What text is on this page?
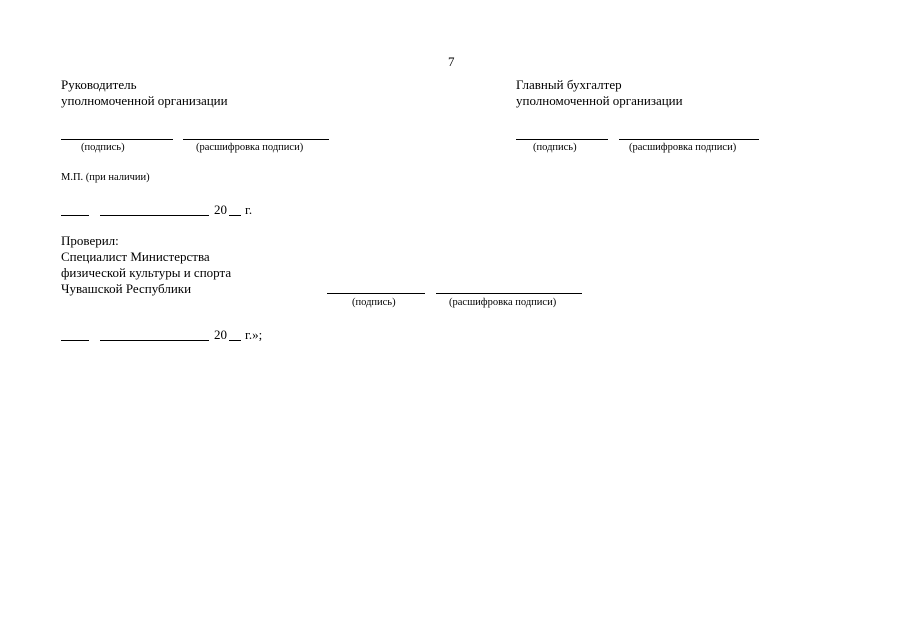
7
Руководитель
уполномоченной организации
Главный бухгалтер
уполномоченной организации
(подпись)	(расшифровка подписи)	(подпись)	(расшифровка подписи)
М.П. (при наличии)
20 г.
Проверил:
Специалист Министерства
физической культуры и спорта
Чувашской Республики
(подпись)	(расшифровка подписи)
20 г.»;
